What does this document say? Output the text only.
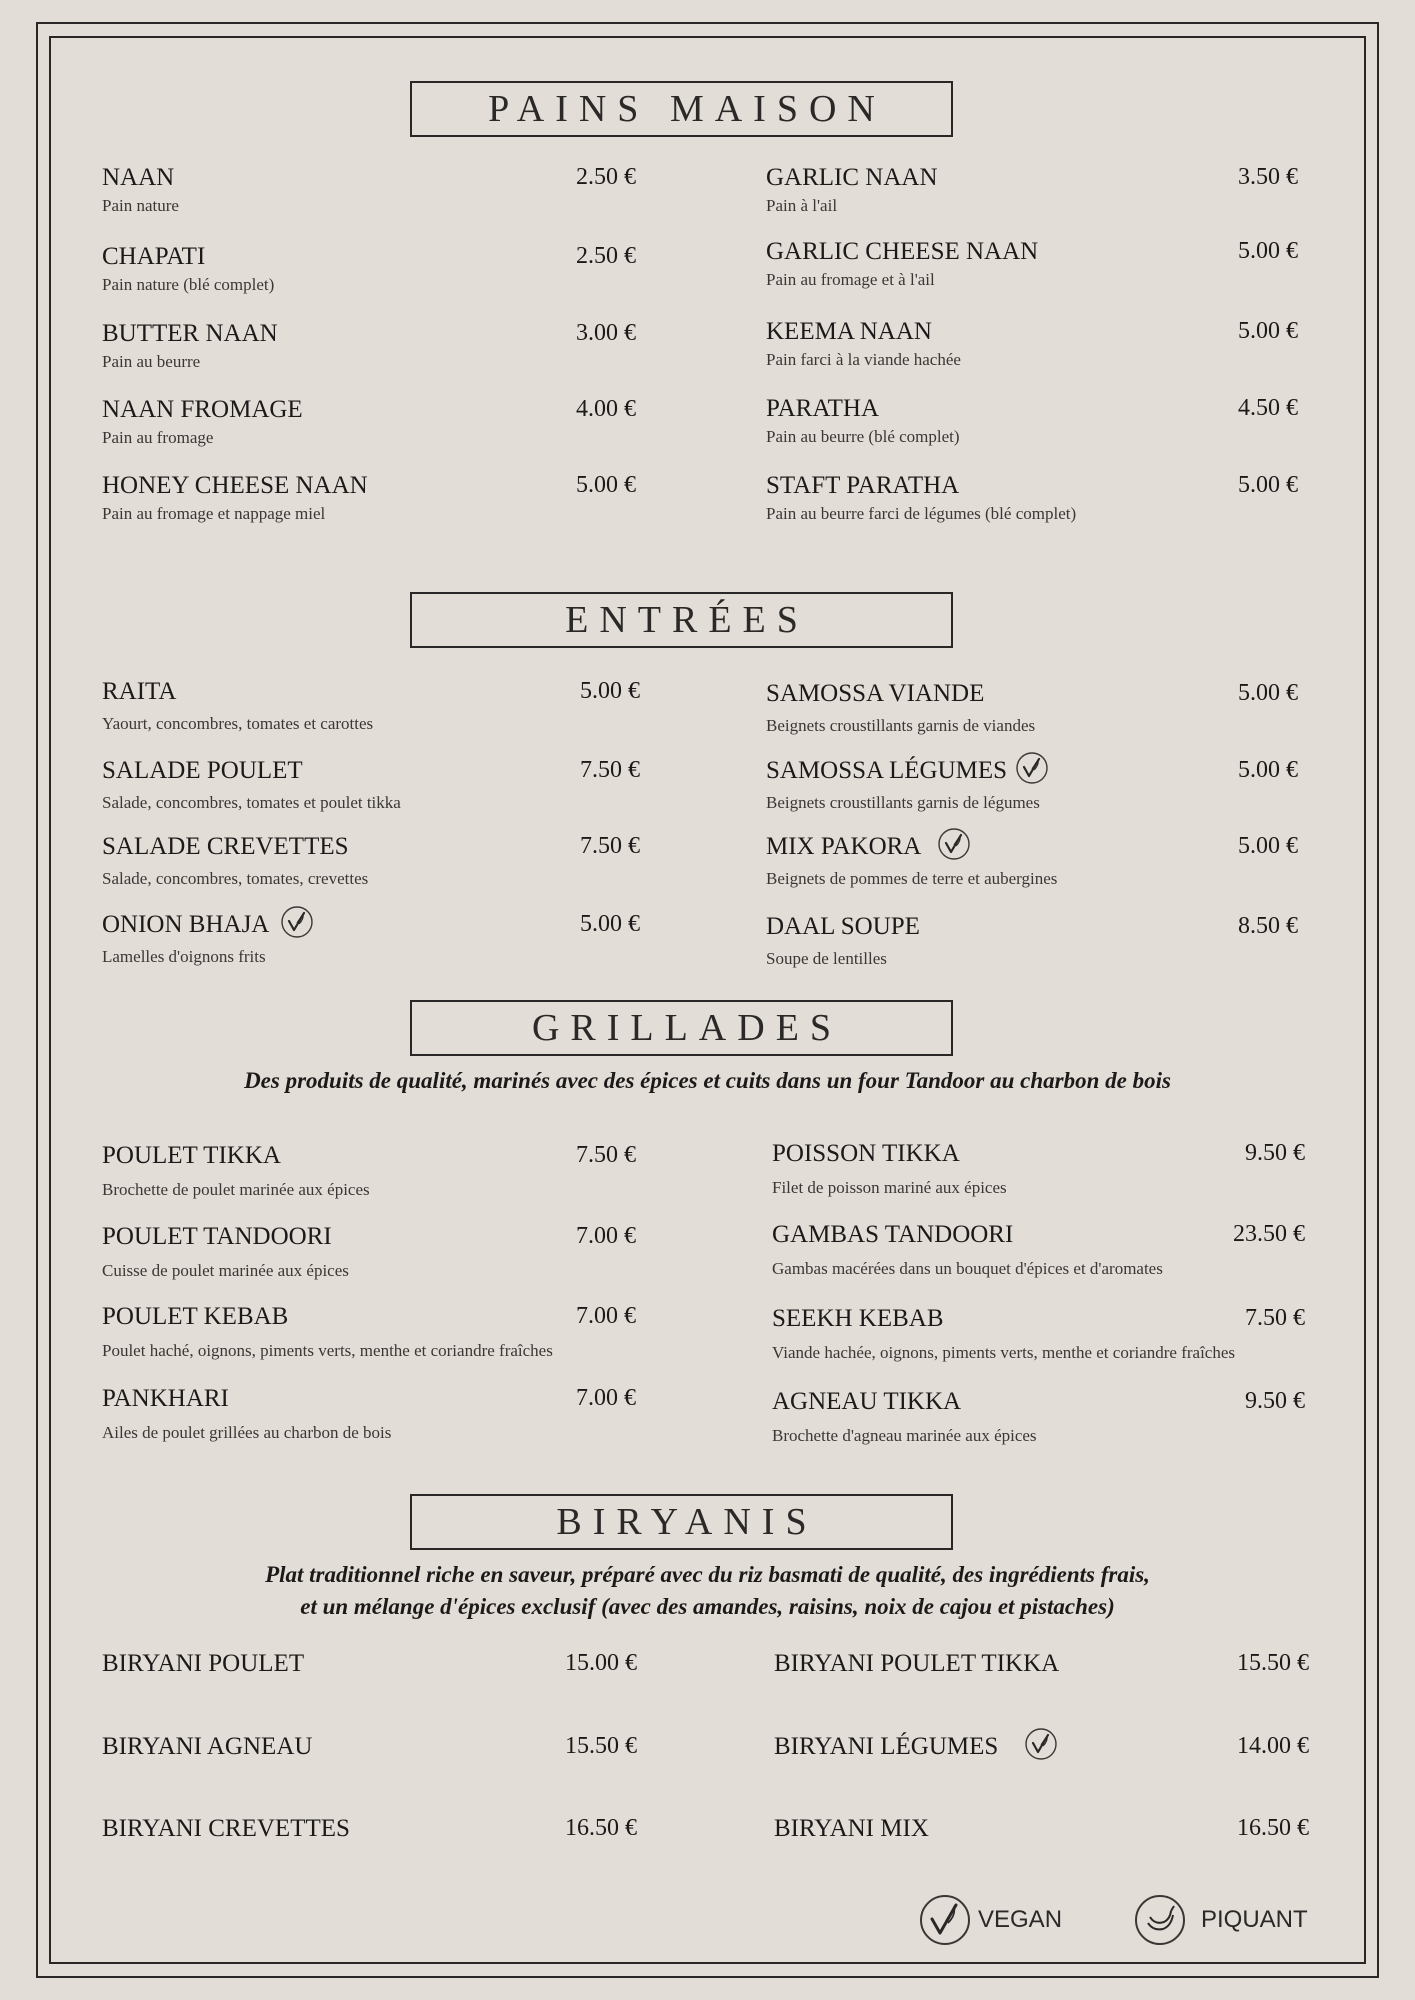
PAINS MAISON
NAAN
Pain nature
2.50 €
CHAPATI
Pain nature (blé complet)
2.50 €
BUTTER NAAN
Pain au beurre
3.00 €
NAAN FROMAGE
Pain au fromage
4.00 €
HONEY CHEESE NAAN
Pain au fromage et nappage miel
5.00 €
GARLIC NAAN
Pain à l'ail
3.50 €
GARLIC CHEESE NAAN
Pain au fromage et à l'ail
5.00 €
KEEMA NAAN
Pain farci à la viande hachée
5.00 €
PARATHA
Pain au beurre (blé complet)
4.50 €
STAFT PARATHA
Pain au beurre farci de légumes (blé complet)
5.00 €
ENTRÉES
RAITA
Yaourt, concombres, tomates et carottes
5.00 €
SALADE POULET
Salade, concombres, tomates et poulet tikka
7.50 €
SALADE CREVETTES
Salade, concombres, tomates, crevettes
7.50 €
ONION BHAJA
Lamelles d'oignons frits
5.00 €
SAMOSSA VIANDE
Beignets croustillants garnis de viandes
5.00 €
SAMOSSA LÉGUMES
Beignets croustillants garnis de légumes
5.00 €
MIX PAKORA
Beignets de pommes de terre et aubergines
5.00 €
DAAL SOUPE
Soupe de lentilles
8.50 €
GRILLADES
Des produits de qualité, marinés avec des épices et cuits dans un four Tandoor au charbon de bois
POULET TIKKA
Brochette de poulet marinée aux épices
7.50 €
POULET TANDOORI
Cuisse de poulet marinée aux épices
7.00 €
POULET KEBAB
Poulet haché, oignons, piments verts, menthe et coriandre fraîches
7.00 €
PANKHARI
Ailes de poulet grillées au charbon de bois
7.00 €
POISSON TIKKA
Filet de poisson mariné aux épices
9.50 €
GAMBAS TANDOORI
Gambas macérées dans un bouquet d'épices et d'aromates
23.50 €
SEEKH KEBAB
Viande hachée, oignons, piments verts, menthe et coriandre fraîches
7.50 €
AGNEAU TIKKA
Brochette d'agneau marinée aux épices
9.50 €
BIRYANIS
Plat traditionnel riche en saveur, préparé avec du riz basmati de qualité, des ingrédients frais,
et un mélange d'épices exclusif (avec des amandes, raisins, noix de cajou et pistaches)
BIRYANI POULET	15.00 €
BIRYANI AGNEAU	15.50 €
BIRYANI CREVETTES	16.50 €
BIRYANI POULET TIKKA	15.50 €
BIRYANI LÉGUMES	14.00 €
BIRYANI MIX	16.50 €
VEGAN	PIQUANT
